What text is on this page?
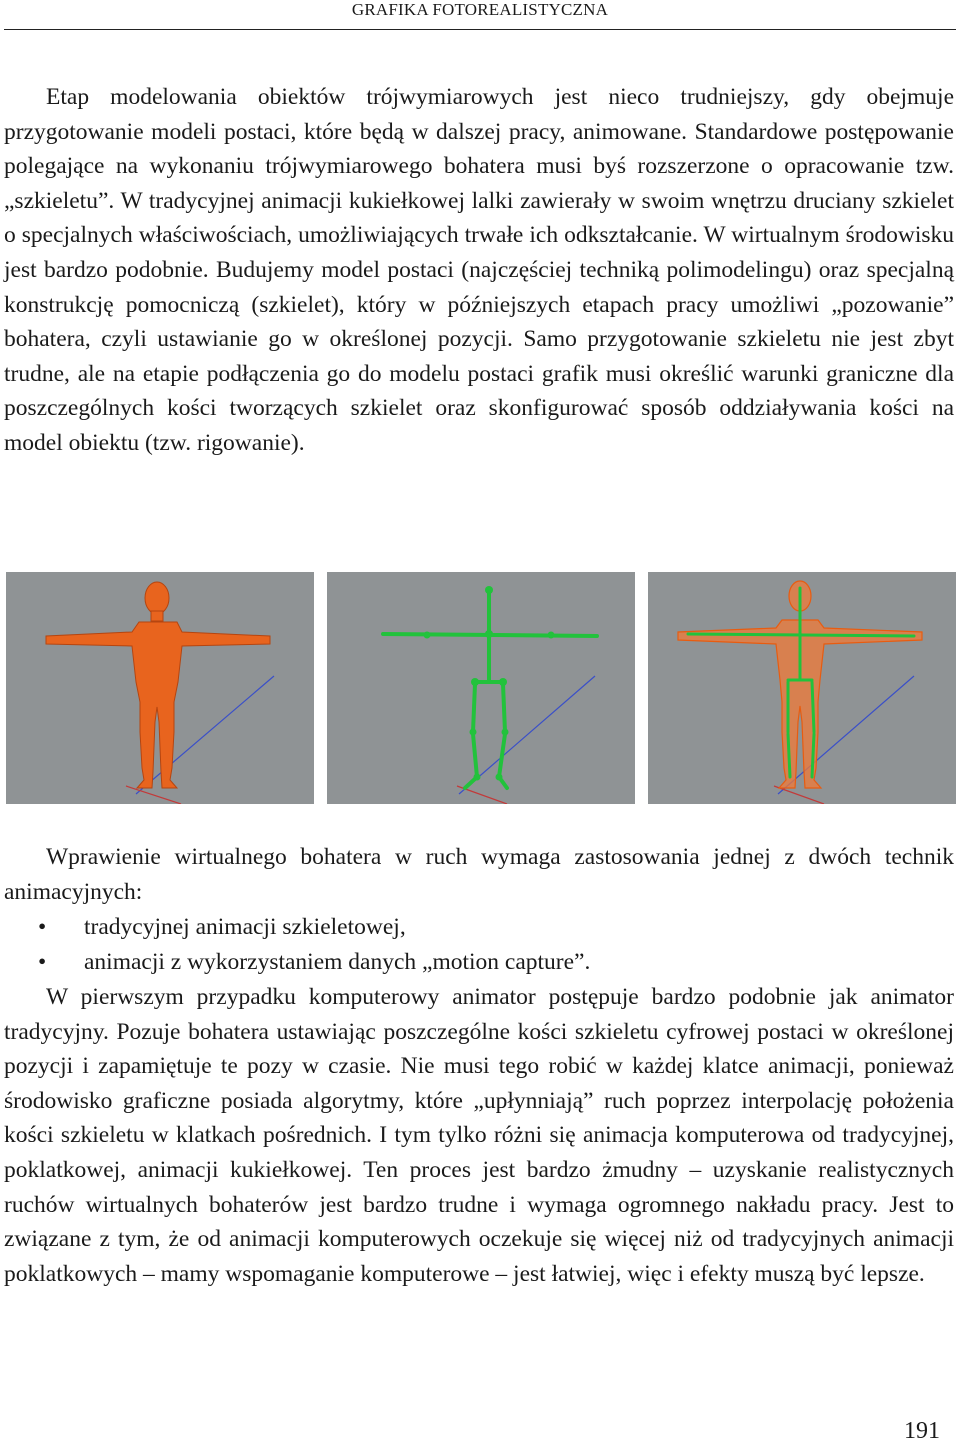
GRAFIKA FOTOREALISTYCZNA

Etap modelowania obiektów trójwymiarowych jest nieco trudniejszy, gdy obejmuje przygotowanie modeli postaci, które będą w dalszej pracy, animowane. Standardowe postępowanie polegające na wykonaniu trójwymiarowego bohatera musi byś rozszerzone o opracowanie tzw. „szkieletu”. W tradycyjnej animacji kukiełkowej lalki zawierały w swoim wnętrzu druciany szkielet o specjalnych właściwościach, umożliwiających trwałe ich odkształcanie. W wirtualnym środowisku jest bardzo podobnie. Budujemy model postaci (najczęściej techniką polimodelingu) oraz specjalną konstrukcję pomocniczą (szkielet), który w późniejszych etapach pracy umożliwi „pozowanie” bohatera, czyli ustawianie go w określonej pozycji. Samo przygotowanie szkieletu nie jest zbyt trudne, ale na etapie podłączenia go do modelu postaci grafik musi określić warunki graniczne dla poszczególnych kości tworzących szkielet oraz skonfigurować sposób oddziaływania kości na model obiektu (tzw. rigowanie).

Wprawienie wirtualnego bohatera w ruch wymaga zastosowania jednej z dwóch technik animacyjnych:

• tradycyjnej animacji szkieletowej,
• animacji z wykorzystaniem danych „motion capture”.

W pierwszym przypadku komputerowy animator postępuje bardzo podobnie jak animator tradycyjny. Pozuje bohatera ustawiając poszczególne kości szkieletu cyfrowej postaci w określonej pozycji i zapamiętuje te pozy w czasie. Nie musi tego robić w każdej klatce animacji, ponieważ środowisko graficzne posiada algorytmy, które „upłynniają” ruch poprzez interpolację położenia kości szkieletu w klatkach pośrednich. I tym tylko różni się animacja komputerowa od tradycyjnej, poklatkowej, animacji kukiełkowej. Ten proces jest bardzo żmudny – uzyskanie realistycznych ruchów wirtualnych bohaterów jest bardzo trudne i wymaga ogromnego nakładu pracy. Jest to związane z tym, że od animacji komputerowych oczekuje się więcej niż od tradycyjnych animacji poklatkowych – mamy wspomaganie komputerowe – jest łatwiej, więc i efekty muszą być lepsze.

191
